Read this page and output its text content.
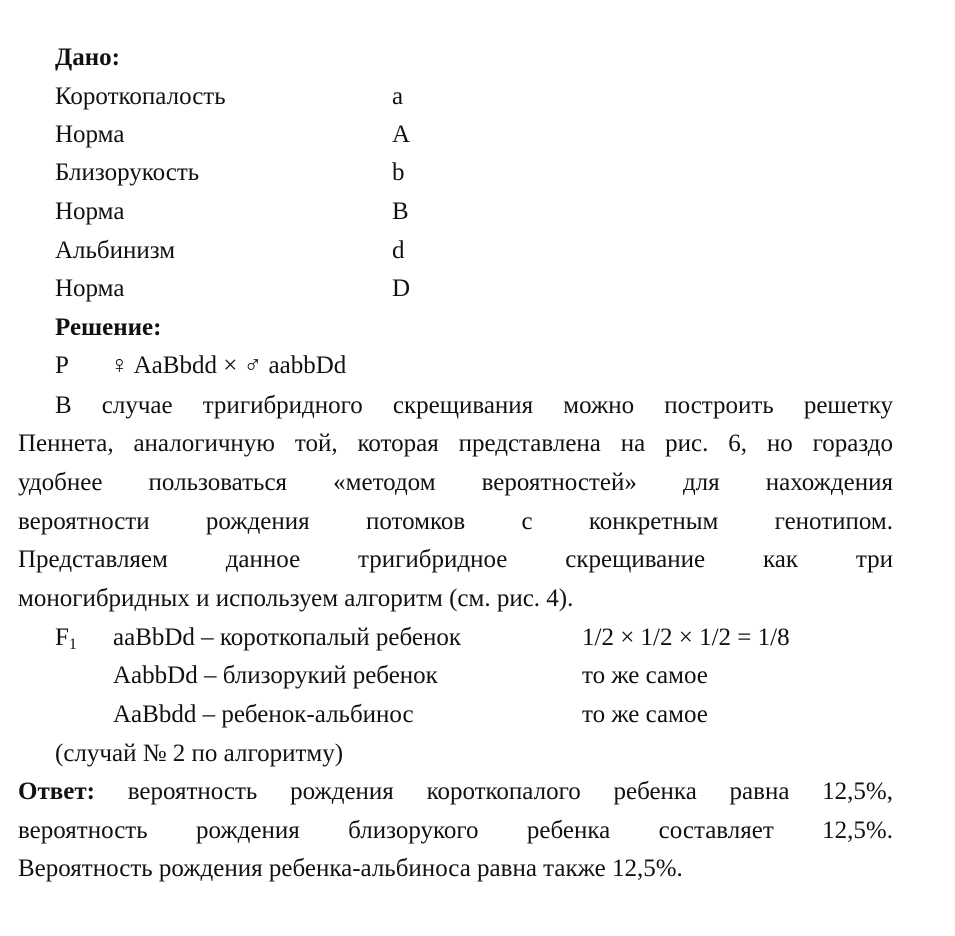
Дано:
Короткопалость	a
Норма	A
Близорукость	b
Норма	B
Альбинизм	d
Норма	D
Решение:
P ♀ AaBbdd × ♂ aabbDd
В случае тригибридного скрещивания можно построить решетку
Пеннета, аналогичную той, которая представлена на рис. 6, но гораздо
удобнее пользоваться «методом вероятностей» для нахождения
вероятности рождения потомков с конкретным генотипом.
Представляем данное тригибридное скрещивание как три
моногибридных и используем алгоритм (см. рис. 4).
$F_1$ aaBbDd – короткопалый ребенок	1/2 × 1/2 × 1/2 = 1/8
AabbDd – близорукий ребенок	то же самое
AaBbdd – ребенок-альбинос	то же самое
(случай № 2 по алгоритму)
Ответ: вероятность рождения короткопалого ребенка равна 12,5%,
вероятность рождения близорукого ребенка составляет 12,5%.
Вероятность рождения ребенка-альбиноса равна также 12,5%.
